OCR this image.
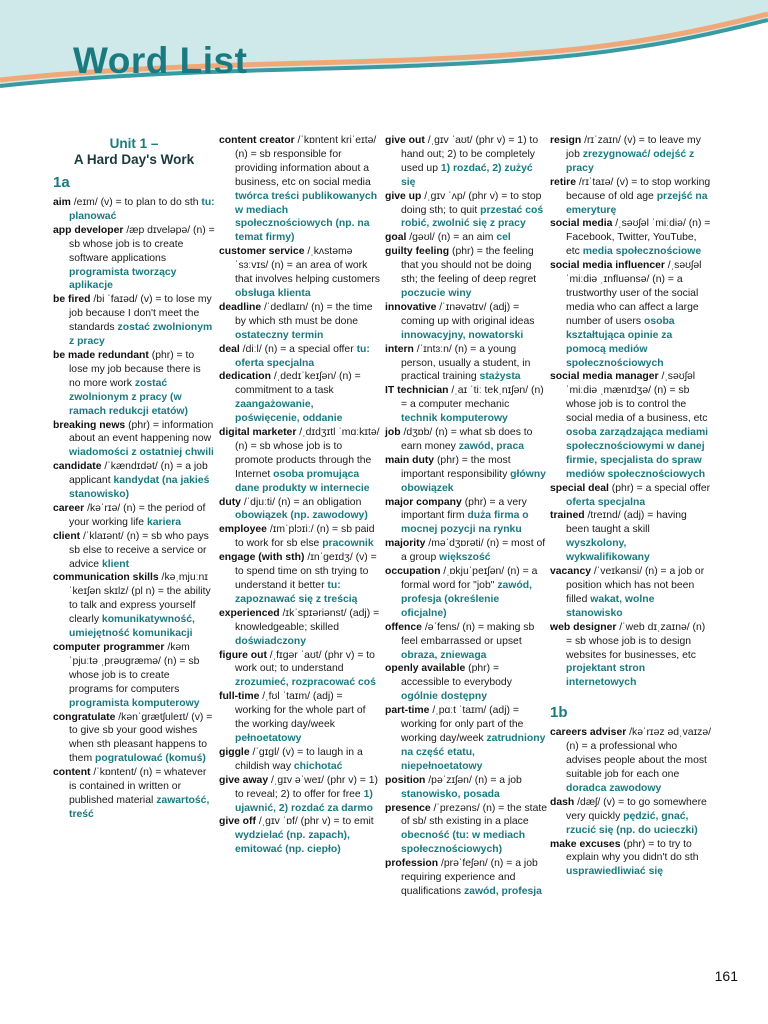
Word List
Unit 1 –
A Hard Day's Work
1a

aim /eɪm/ (v) = to plan to do sth tu: planować

app developer /æp dɪveləpə/ (n) = sb whose job is to create software applications programista tworzący aplikacje

be fired /bi ˈfaɪəd/ (v) = to lose my job because I don't meet the standards zostać zwolnionym z pracy

be made redundant (phr) = to lose my job because there is no more work zostać zwolnionym z pracy (w ramach redukcji etatów)

breaking news (phr) = information about an event happening now wiadomości z ostatniej chwili

candidate /ˈkændɪdət/ (n) = a job applicant kandydat (na jakieś stanowisko)

career /kəˈrɪə/ (n) = the period of your working life kariera

client /ˈklaɪənt/ (n) = sb who pays sb else to receive a service or advice klient

communication skills /kəˌmjuːnɪˈkeɪʃən skɪlz/ (pl n) = the ability to talk and express yourself clearly komunikatywność, umiejętność komunikacji

computer programmer /kəmˈpjuːtə ˌprəʊɡræmə/ (n) = sb whose job is to create programs for computers programista komputerowy

congratulate /kənˈɡrætʃuleɪt/ (v) = to give sb your good wishes when sth pleasant happens to them pogratulować (komuś)

content /ˈkɒntent/ (n) = whatever is contained in written or published material zawartość, treść

content creator /ˈkɒntent kriˈeɪtə/ (n) = sb responsible for providing information about a business, etc on social media twórca treści publikowanych w mediach społecznościowych (np. na temat firmy)

customer service /ˌkʌstəmə ˈsɜːvɪs/ (n) = an area of work that involves helping customers obsługa klienta

deadline /ˈdedlaɪn/ (n) = the time by which sth must be done ostateczny termin

deal /diːl/ (n) = a special offer tu: oferta specjalna

dedication /ˌdedɪˈkeɪʃən/ (n) = commitment to a task zaangażowanie, poświęcenie, oddanie

digital marketer /ˌdɪdʒɪtl ˈmɑːkɪtə/ (n) = sb whose job is to promote products through the Internet osoba promująca dane produkty w internecie

duty /ˈdjuːti/ (n) = an obligation obowiązek (np. zawodowy)

employee /ɪmˈplɔɪiː/ (n) = sb paid to work for sb else pracownik

engage (with sth) /ɪnˈɡeɪdʒ/ (v) = to spend time on sth trying to understand it better tu: zapoznawać się z treścią

experienced /ɪkˈspɪəriənst/ (adj) = knowledgeable; skilled doświadczony

figure out /ˌfɪɡər ˈaʊt/ (phr v) = to work out; to understand zrozumieć, rozpracować coś

full-time /ˌfʊl ˈtaɪm/ (adj) = working for the whole part of the working day/week pełnoetatowy

giggle /ˈɡɪɡl/ (v) = to laugh in a childish way chichotać

give away /ˌɡɪv əˈweɪ/ (phr v) = 1) to reveal; 2) to offer for free 1) ujawnić, 2) rozdać za darmo

give off /ˌɡɪv ˈɒf/ (phr v) = to emit wydzielać (np. zapach), emitować (np. ciepło)

give out /ˌɡɪv ˈaʊt/ (phr v) = 1) to hand out; 2) to be completely used up 1) rozdać, 2) zużyć się

give up /ˌɡɪv ˈʌp/ (phr v) = to stop doing sth; to quit przestać coś robić, zwolnić się z pracy

goal /ɡəʊl/ (n) = an aim cel

guilty feeling (phr) = the feeling that you should not be doing sth; the feeling of deep regret poczucie winy

innovative /ˈɪnəvətɪv/ (adj) = coming up with original ideas innowacyjny, nowatorski

intern /ˈɪntɜːn/ (n) = a young person, usually a student, in practical training stażysta

IT technician /ˌaɪ ˈtiː tekˌnɪʃən/ (n) = a computer mechanic technik komputerowy

job /dʒɒb/ (n) = what sb does to earn money zawód, praca

main duty (phr) = the most important responsibility główny obowiązek

major company (phr) = a very important firm duża firma o mocnej pozycji na rynku

majority /məˈdʒɒrəti/ (n) = most of a group większość

occupation /ˌɒkjuˈpeɪʃən/ (n) = a formal word for "job" zawód, profesja (określenie oficjalne)

offence /əˈfens/ (n) = making sb feel embarrassed or upset obraza, zniewaga

openly available (phr) = accessible to everybody ogólnie dostępny

part-time /ˌpɑːt ˈtaɪm/ (adj) = working for only part of the working day/week zatrudniony na część etatu, niepełnoetatowy

position /pəˈzɪʃən/ (n) = a job stanowisko, posada

presence /ˈprezəns/ (n) = the state of sb/ sth existing in a place obecność (tu: w mediach społecznościowych)

profession /prəˈfeʃən/ (n) = a job requiring experience and qualifications zawód, profesja

resign /rɪˈzaɪn/ (v) = to leave my job zrezygnować/ odejść z pracy

retire /rɪˈtaɪə/ (v) = to stop working because of old age przejść na emeryturę

social media /ˌsəʊʃəl ˈmiːdiə/ (n) = Facebook, Twitter, YouTube, etc media społecznościowe

social media influencer /ˌsəʊʃəl ˈmiːdiə ˌɪnfluənsə/ (n) = a trustworthy user of the social media who can affect a large number of users osoba kształtująca opinie za pomocą mediów społecznościowych

social media manager /ˌsəʊʃəl ˈmiːdiə ˌmænɪdʒə/ (n) = sb whose job is to control the social media of a business, etc osoba zarządzająca mediami społecznościowymi w danej firmie, specjalista do spraw mediów społecznościowych

special deal (phr) = a special offer oferta specjalna

trained /treɪnd/ (adj) = having been taught a skill wyszkolony, wykwalifikowany

vacancy /ˈveɪkənsi/ (n) = a job or position which has not been filled wakat, wolne stanowisko

web designer /ˈweb dɪˌzaɪnə/ (n) = sb whose job is to design websites for businesses, etc projektant stron internetowych

1b

careers adviser /kəˈrɪəz ədˌvaɪzə/ (n) = a professional who advises people about the most suitable job for each one doradca zawodowy

dash /dæʃ/ (v) = to go somewhere very quickly pędzić, gnać, rzucić się (np. do ucieczki)

make excuses (phr) = to try to explain why you didn't do sth usprawiedliwiać się

161
